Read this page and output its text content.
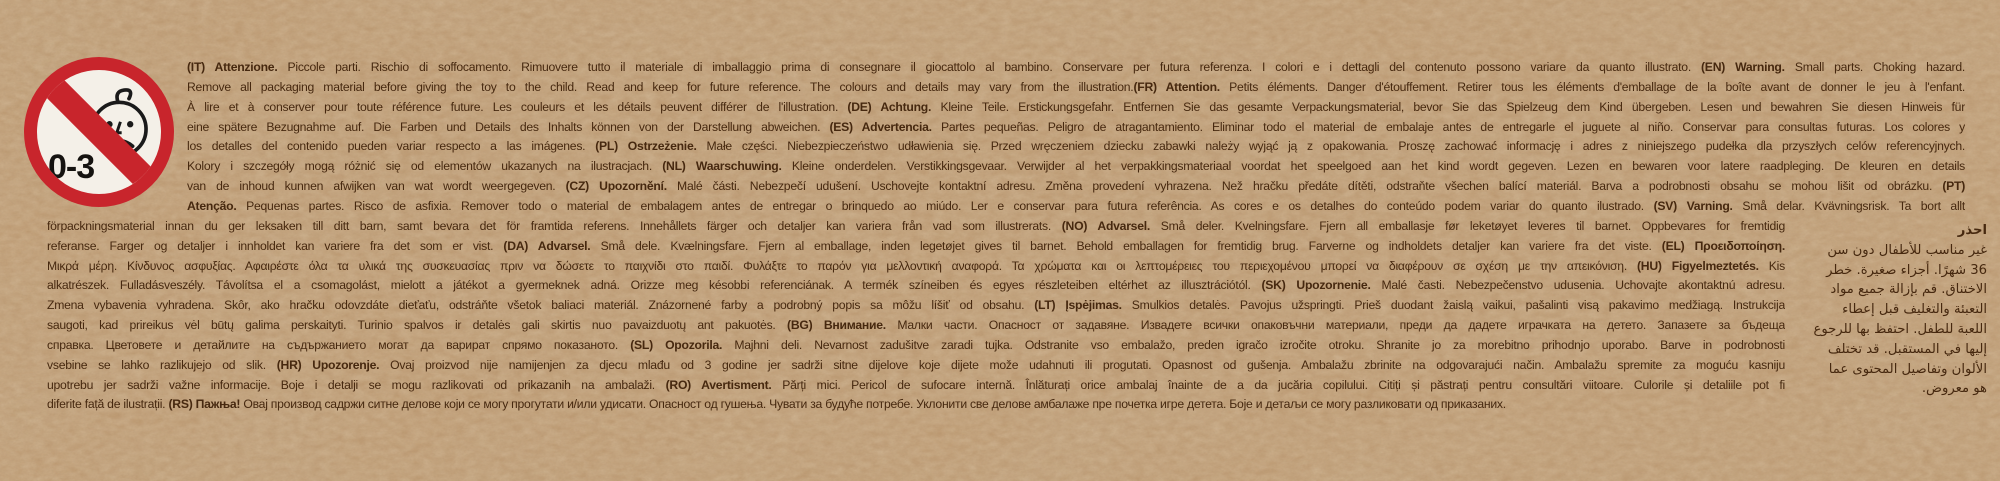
0-3
(IT) Attenzione. Piccole parti. Rischio di soffocamento. Rimuovere tutto il materiale di imballaggio prima di consegnare il giocattolo al bambino. Conservare per futura referenza. I colori e i dettagli del contenuto possono variare da quanto illustrato. (EN) Warning. Small parts. Choking hazard.
Remove all packaging material before giving the toy to the child. Read and keep for future reference. The colours and details may vary from the illustration.(FR) Attention. Petits éléments. Danger d'étouffement. Retirer tous les éléments d'emballage de la boîte avant de donner le jeu à l'enfant.
À lire et à conserver pour toute référence future. Les couleurs et les détails peuvent différer de l'illustration. (DE) Achtung. Kleine Teile. Erstickungsgefahr. Entfernen Sie das gesamte Verpackungsmaterial, bevor Sie das Spielzeug dem Kind übergeben. Lesen und bewahren Sie diesen Hinweis für
eine spätere Bezugnahme auf. Die Farben und Details des Inhalts können von der Darstellung abweichen. (ES) Advertencia. Partes pequeñas. Peligro de atragantamiento. Eliminar todo el material de embalaje antes de entregarle el juguete al niño. Conservar para consultas futuras. Los colores y
los detalles del contenido pueden variar respecto a las imágenes. (PL) Ostrzeżenie. Małe części. Niebezpieczeństwo udławienia się. Przed wręczeniem dziecku zabawki należy wyjąć ją z opakowania. Proszę zachować informację i adres z niniejszego pudełka dla przyszłych celów referencyjnych.
Kolory i szczegóły mogą różnić się od elementów ukazanych na ilustracjach. (NL) Waarschuwing. Kleine onderdelen. Verstikkingsgevaar. Verwijder al het verpakkingsmateriaal voordat het speelgoed aan het kind wordt gegeven. Lezen en bewaren voor latere raadpleging. De kleuren en details
van de inhoud kunnen afwijken van wat wordt weergegeven. (CZ) Upozornění. Malé části. Nebezpečí udušení. Uschovejte kontaktní adresu. Změna provedení vyhrazena. Než hračku předáte dítěti, odstraňte všechen balící materiál. Barva a podrobnosti obsahu se mohou lišit od obrázku. (PT)
Atenção. Pequenas partes. Risco de asfixia. Remover todo o material de embalagem antes de entregar o brinquedo ao miúdo. Ler e conservar para futura referência. As cores e os detalhes do conteúdo podem variar do quanto ilustrado. (SV) Varning. Små delar. Kvävningsrisk. Ta bort allt
förpackningsmaterial innan du ger leksaken till ditt barn, samt bevara det för framtida referens. Innehållets färger och detaljer kan variera från vad som illustrerats. (NO) Advarsel. Små deler. Kvelningsfare. Fjern all emballasje før leketøyet leveres til barnet. Oppbevares for fremtidig
referanse. Farger og detaljer i innholdet kan variere fra det som er vist. (DA) Advarsel. Små dele. Kvælningsfare. Fjern al emballage, inden legetøjet gives til barnet. Behold emballagen for fremtidig brug. Farverne og indholdets detaljer kan variere fra det viste. (EL) Προειδοποίηση.
Μικρά μέρη. Κίνδυνος ασφυξίας. Αφαιρέστε όλα τα υλικά της συσκευασίας πριν να δώσετε το παιχνίδι στο παιδί. Φυλάξτε το παρόν για μελλοντική αναφορά. Τα χρώματα και οι λεπτομέρειες του περιεχομένου μπορεί να διαφέρουν σε σχέση με την απεικόνιση. (HU) Figyelmeztetés. Kis
alkatrészek. Fulladásveszély. Távolítsa el a csomagolást, mielott a játékot a gyermeknek adná. Orizze meg késobbi referenciának. A termék színeiben és egyes részleteiben eltérhet az illusztrációtól. (SK) Upozornenie. Malé časti. Nebezpečenstvo udusenia. Uchovajte akontaktnú adresu.
Zmena vybavenia vyhradena. Skôr, ako hračku odovzdáte dieťaťu, odstráňte všetok baliaci materiál. Znázornené farby a podrobný popis sa môžu líšiť od obsahu. (LT) Įspėjimas. Smulkios detalės. Pavojus užspringti. Prieš duodant žaislą vaikui, pašalinti visą pakavimo medžiagą. Instrukcija
saugoti, kad prireikus vėl būtų galima perskaityti. Turinio spalvos ir detalės gali skirtis nuo pavaizduotų ant pakuotės. (BG) Внимание. Малки части. Опасност от задавяне. Извадете всички опаковъчни материали, преди да дадете играчката на детето. Запазете за бъдеща
справка. Цветовете и детайлите на съдържанието могат да варират спрямо показаното. (SL) Opozorila. Majhni deli. Nevarnost zadušitve zaradi tujka. Odstranite vso embalažo, preden igračo izročite otroku. Shranite jo za morebitno prihodnjo uporabo. Barve in podrobnosti
vsebine se lahko razlikujejo od slik. (HR) Upozorenje. Ovaj proizvod nije namijenjen za djecu mlađu od 3 godine jer sadrži sitne dijelove koje dijete može udahnuti ili progutati. Opasnost od gušenja. Ambalažu zbrinite na odgovarajući način. Ambalažu spremite za moguću kasniju
upotrebu jer sadrži važne informacije. Boje i detalji se mogu razlikovati od prikazanih na ambalaži. (RO) Avertisment. Părți mici. Pericol de sufocare internă. Înlăturați orice ambalaj înainte de a da jucăria copilului. Citiți și păstrați pentru consultări viitoare. Culorile și detaliile pot fi
diferite față de ilustrații. (RS) Пажња! Овај производ садржи ситне делове који се могу прогутати и/или удисати. Опасност од гушења. Чувати за будуће потребе. Уклонити све делове амбалаже пре почетка игре детета. Боје и детаљи се могу разликовати од приказаних.
احذر
غير مناسب للأطفال دون سن
36 شهرًا. أجزاء صغيرة. خطر
الاختناق. قم بإزالة جميع مواد
التعبئة والتغليف قبل إعطاء
اللعبة للطفل. احتفظ بها للرجوع
إليها في المستقبل. قد تختلف
الألوان وتفاصيل المحتوى عما
هو معروض.
